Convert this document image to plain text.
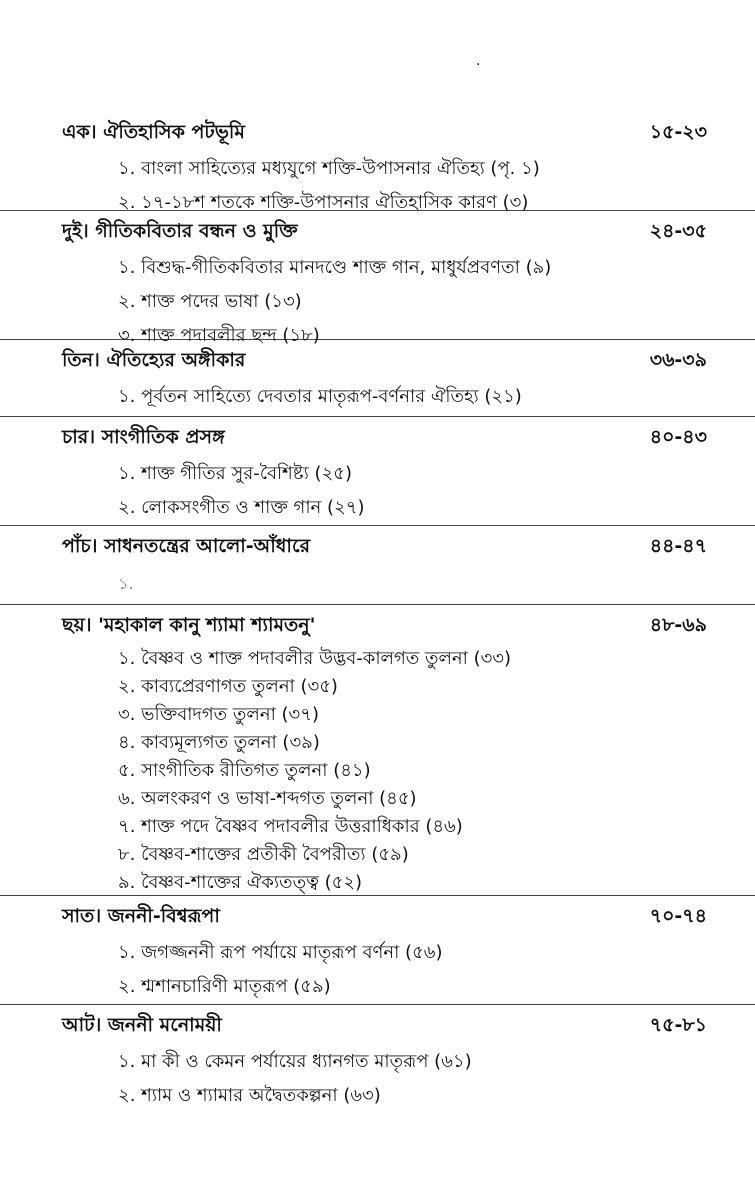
·
এক। ঐতিহাসিক পটভূমি	১৫-২৩
১. বাংলা সাহিত্যের মধ্যযুগে শক্তি-উপাসনার ঐতিহ্য (পৃ. ১)
২. ১৭-১৮শ শতকে শক্তি-উপাসনার ঐতিহাসিক কারণ (৩)
দুই। গীতিকবিতার বন্ধন ও মুক্তি	২৪-৩৫
১. বিশুদ্ধ-গীতিকবিতার মানদণ্ডে শাক্ত গান, মাধুর্যপ্রবণতা (৯)
২. শাক্ত পদের ভাষা (১৩)
৩. শাক্ত পদাবলীর ছন্দ (১৮)
তিন। ঐতিহ্যের অঙ্গীকার	৩৬-৩৯
১. পূর্বতন সাহিত্যে দেবতার মাতৃরূপ-বর্ণনার ঐতিহ্য (২১)
চার। সাংগীতিক প্রসঙ্গ	৪০-৪৩
১. শাক্ত গীতির সুর-বৈশিষ্ট্য (২৫)
২. লোকসংগীত ও শাক্ত গান (২৭)
পাঁচ। সাধনতন্ত্রের আলো-আঁধারে	৪৪-৪৭
১.
ছয়। 'মহাকাল কানু শ্যামা শ্যামতনু'	৪৮-৬৯
১. বৈষ্ণব ও শাক্ত পদাবলীর উদ্ভব-কালগত তুলনা (৩৩)
২. কাব্যপ্রেরণাগত তুলনা (৩৫)
৩. ভক্তিবাদগত তুলনা (৩৭)
৪. কাব্যমূল্যগত তুলনা (৩৯)
৫. সাংগীতিক রীতিগত তুলনা (৪১)
৬. অলংকরণ ও ভাষা-শব্দগত তুলনা (৪৫)
৭. শাক্ত পদে বৈষ্ণব পদাবলীর উত্তরাধিকার (৪৬)
৮. বৈষ্ণব-শাক্তের প্রতীকী বৈপরীত্য (৫৯)
৯. বৈষ্ণব-শাক্তের ঐক্যতত্ত্ব (৫২)
সাত। জননী-বিশ্বরূপা	৭০-৭৪
১. জগজ্জননী রূপ পর্যায়ে মাতৃরূপ বর্ণনা (৫৬)
২. শ্মশানচারিণী মাতৃরূপ (৫৯)
আট। জননী মনোময়ী	৭৫-৮১
১. মা কী ও কেমন পর্যায়ের ধ্যানগত মাতৃরূপ (৬১)
২. শ্যাম ও শ্যামার অদ্বৈতকল্পনা (৬৩)
